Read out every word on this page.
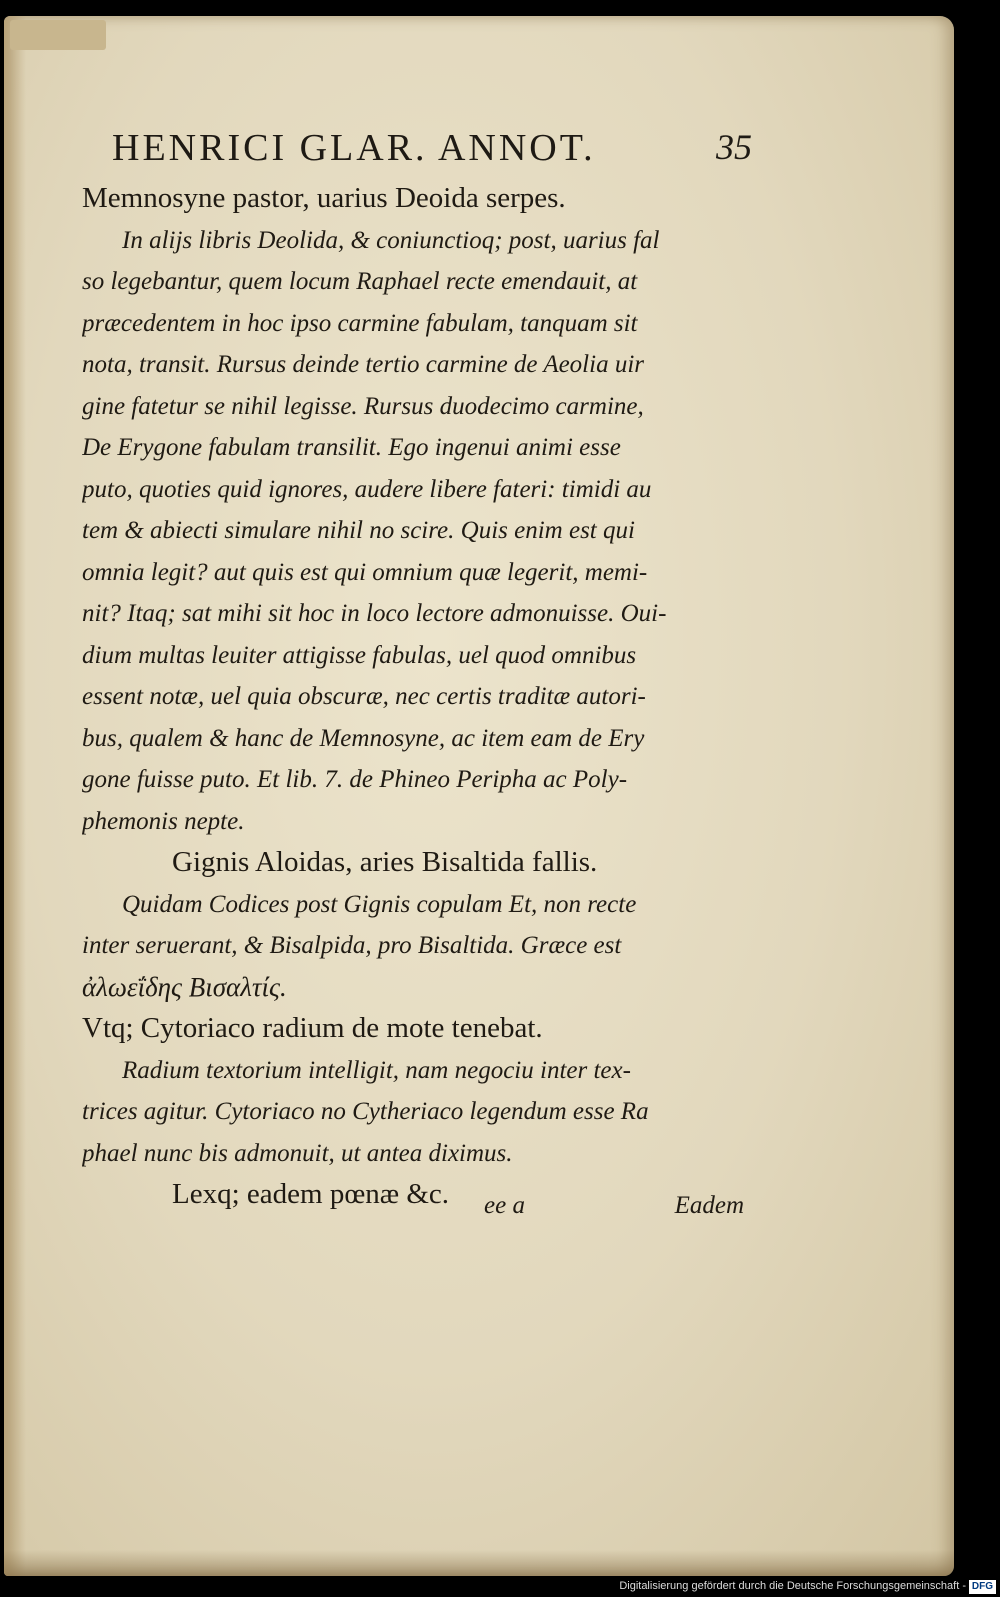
HENRICI GLAR. ANNOT.	35
Memnosyne pastor, uarius Deoida serpes.
In alijs libris Deolida, & coniunctioq; post, uarius fal
so legebantur, quem locum Raphael recte emendauit, at
præcedentem in hoc ipso carmine fabulam, tanquam sit
nota, transit. Rursus deinde tertio carmine de Aeolia uir
gine fatetur se nihil legisse. Rursus duodecimo carmine,
De Erygone fabulam transilit. Ego ingenui animi esse
puto, quoties quid ignores, audere libere fateri: timidi au
tem & abiecti simulare nihil no scire. Quis enim est qui
omnia legit? aut quis est qui omnium quæ legerit, memi-
nit? Itaq; sat mihi sit hoc in loco lectore admonuisse. Oui-
dium multas leuiter attigisse fabulas, uel quod omnibus
essent notæ, uel quia obscuræ, nec certis traditæ autori-
bus, qualem & hanc de Memnosyne, ac item eam de Ery
gone fuisse puto. Et lib. 7. de Phineo Peripha ac Poly-
phemonis nepte.
Gignis Aloidas, aries Bisaltida fallis.
Quidam Codices post Gignis copulam Et, non recte
inter seruerant, & Bisalpida, pro Bisaltida. Græce est
ἀλωεΐδης Βισαλτίς.
Vtq; Cytoriaco radium de mote tenebat.
Radium textorium intelligit, nam negociu inter tex-
trices agitur. Cytoriaco no Cytheriaco legendum esse Ra
phael nunc bis admonuit, ut antea diximus.
Lexq; eadem pœnæ &c.	ee a	Eadem
Digitalisierung gefördert durch die Deutsche Forschungsgemeinschaft - DFG
